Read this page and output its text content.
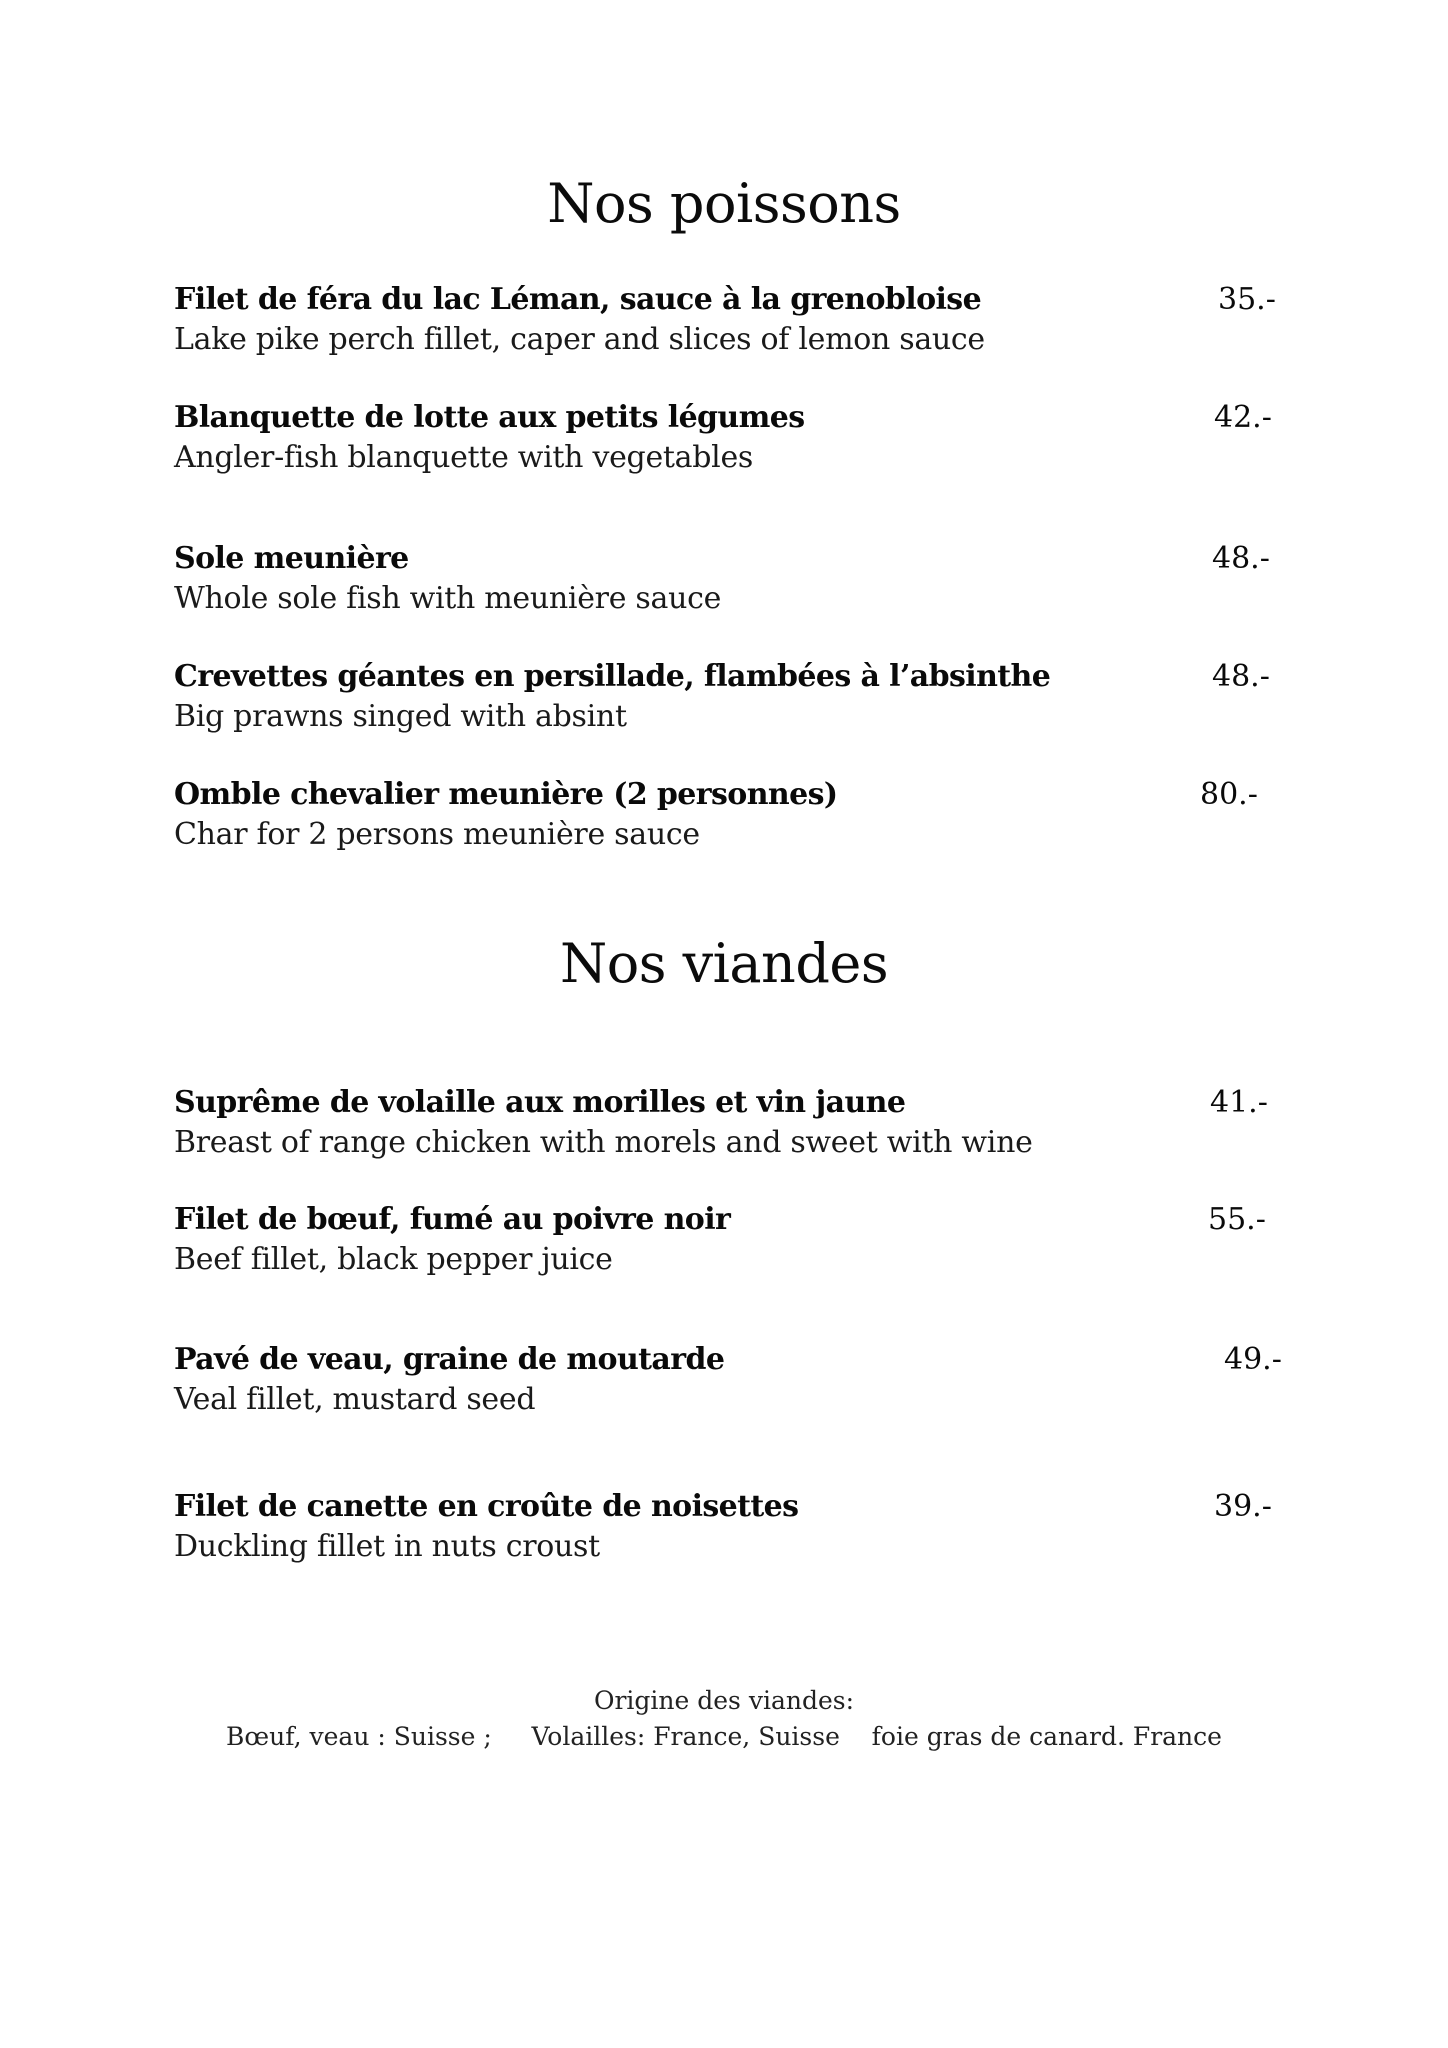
Nos poissons
Filet de féra du lac Léman, sauce à la grenobloise	35.-
Lake pike perch fillet, caper and slices of lemon sauce
Blanquette de lotte aux petits légumes	42.-
Angler-fish blanquette with vegetables
Sole meunière	48.-
Whole sole fish with meunière sauce
Crevettes géantes en persillade, flambées à l’absinthe	48.-
Big prawns singed with absint
Omble chevalier meunière (2 personnes)	80.-
Char for 2 persons meunière sauce
Nos viandes
Suprême de volaille aux morilles et vin jaune	41.-
Breast of range chicken with morels and sweet with wine
Filet de bœuf, fumé au poivre noir	55.-
Beef fillet, black pepper juice
Pavé de veau, graine de moutarde	49.-
Veal fillet, mustard seed
Filet de canette en croûte de noisettes	39.-
Duckling fillet in nuts croust
Origine des viandes:
Bœuf, veau : Suisse ;     Volailles: France, Suisse    foie gras de canard. France
